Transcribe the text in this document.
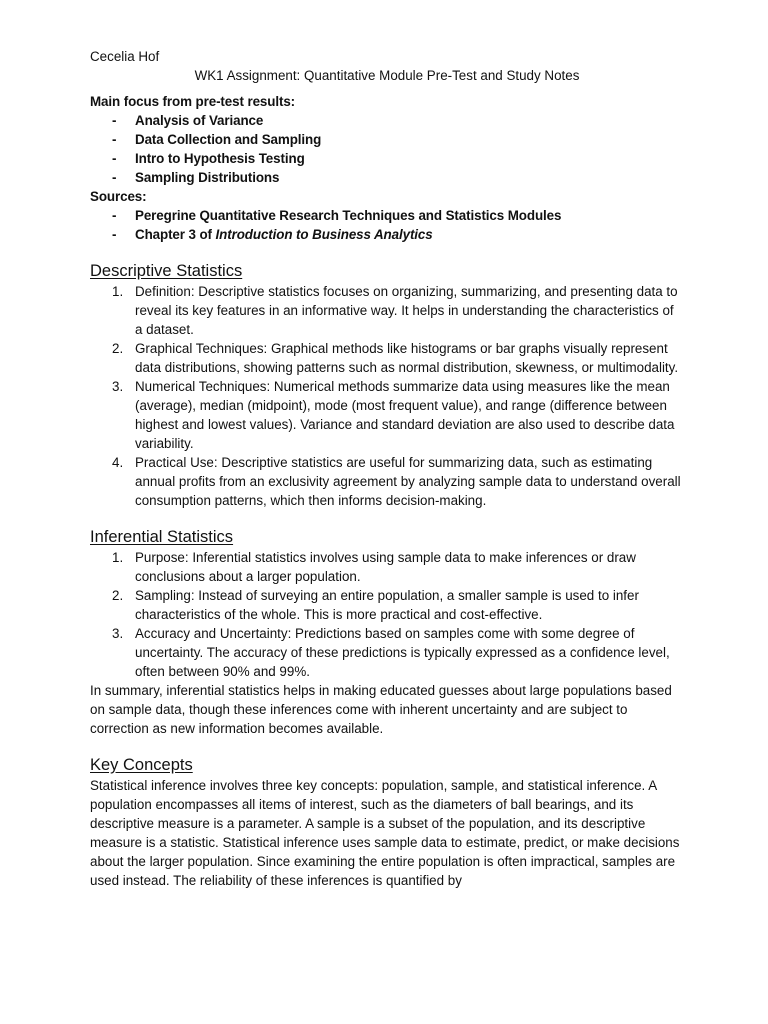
Cecelia Hof

WK1 Assignment: Quantitative Module Pre-Test and Study Notes

Main focus from pre-test results:

- Analysis of Variance
- Data Collection and Sampling
- Intro to Hypothesis Testing
- Sampling Distributions

Sources:

- Peregrine Quantitative Research Techniques and Statistics Modules
- Chapter 3 of Introduction to Business Analytics
Descriptive Statistics
1. Definition: Descriptive statistics focuses on organizing, summarizing, and presenting data to reveal its key features in an informative way. It helps in understanding the characteristics of a dataset.
2. Graphical Techniques: Graphical methods like histograms or bar graphs visually represent data distributions, showing patterns such as normal distribution, skewness, or multimodality.
3. Numerical Techniques: Numerical methods summarize data using measures like the mean (average), median (midpoint), mode (most frequent value), and range (difference between highest and lowest values). Variance and standard deviation are also used to describe data variability.
4. Practical Use: Descriptive statistics are useful for summarizing data, such as estimating annual profits from an exclusivity agreement by analyzing sample data to understand overall consumption patterns, which then informs decision-making.
Inferential Statistics
1. Purpose: Inferential statistics involves using sample data to make inferences or draw conclusions about a larger population.
2. Sampling: Instead of surveying an entire population, a smaller sample is used to infer characteristics of the whole. This is more practical and cost-effective.
3. Accuracy and Uncertainty: Predictions based on samples come with some degree of uncertainty. The accuracy of these predictions is typically expressed as a confidence level, often between 90% and 99%.

In summary, inferential statistics helps in making educated guesses about large populations based on sample data, though these inferences come with inherent uncertainty and are subject to correction as new information becomes available.

Key Concepts

Statistical inference involves three key concepts: population, sample, and statistical inference. A population encompasses all items of interest, such as the diameters of ball bearings, and its descriptive measure is a parameter. A sample is a subset of the population, and its descriptive measure is a statistic. Statistical inference uses sample data to estimate, predict, or make decisions about the larger population. Since examining the entire population is often impractical, samples are used instead. The reliability of these inferences is quantified by
